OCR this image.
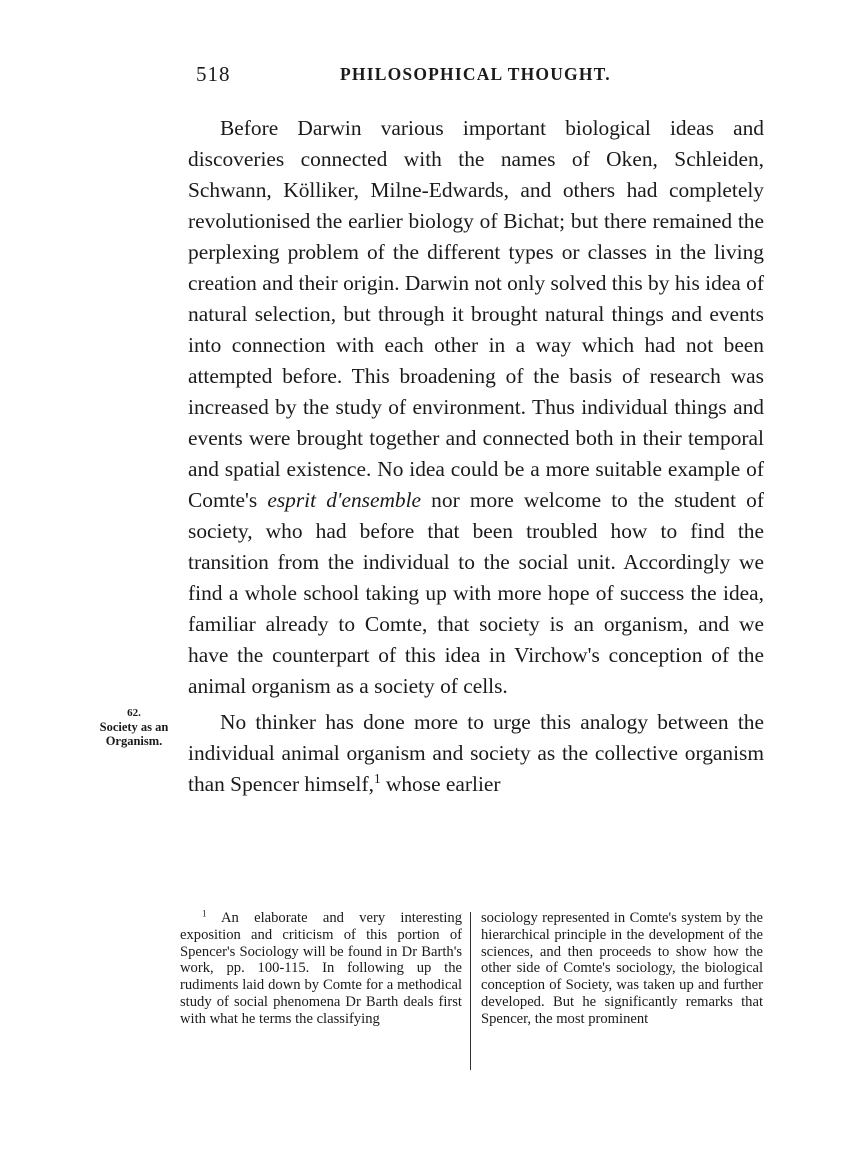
518	PHILOSOPHICAL THOUGHT.
62.
Society as an
Organism.

Before Darwin various important biological ideas and discoveries connected with the names of Oken, Schleiden, Schwann, Kölliker, Milne-Edwards, and others had completely revolutionised the earlier biology of Bichat; but there remained the perplexing problem of the different types or classes in the living creation and their origin. Darwin not only solved this by his idea of natural selection, but through it brought natural things and events into connection with each other in a way which had not been attempted before. This broadening of the basis of research was increased by the study of environment. Thus individual things and events were brought together and connected both in their temporal and spatial existence. No idea could be a more suitable example of Comte's esprit d'ensemble nor more welcome to the student of society, who had before that been troubled how to find the transition from the individual to the social unit. Accordingly we find a whole school taking up with more hope of success the idea, familiar already to Comte, that society is an organism, and we have the counterpart of this idea in Virchow's conception of the animal organism as a society of cells.

No thinker has done more to urge this analogy between the individual animal organism and society as the collective organism than Spencer himself,$^1$ whose earlier

$^1$ An elaborate and very interesting exposition and criticism of this portion of Spencer's Sociology will be found in Dr Barth's work, pp. 100-115. In following up the rudiments laid down by Comte for a methodical study of social phenomena Dr Barth deals first with what he terms the classifying
sociology represented in Comte's system by the hierarchical principle in the development of the sciences, and then proceeds to show how the other side of Comte's sociology, the biological conception of Society, was taken up and further developed. But he significantly remarks that Spencer, the most prominent
